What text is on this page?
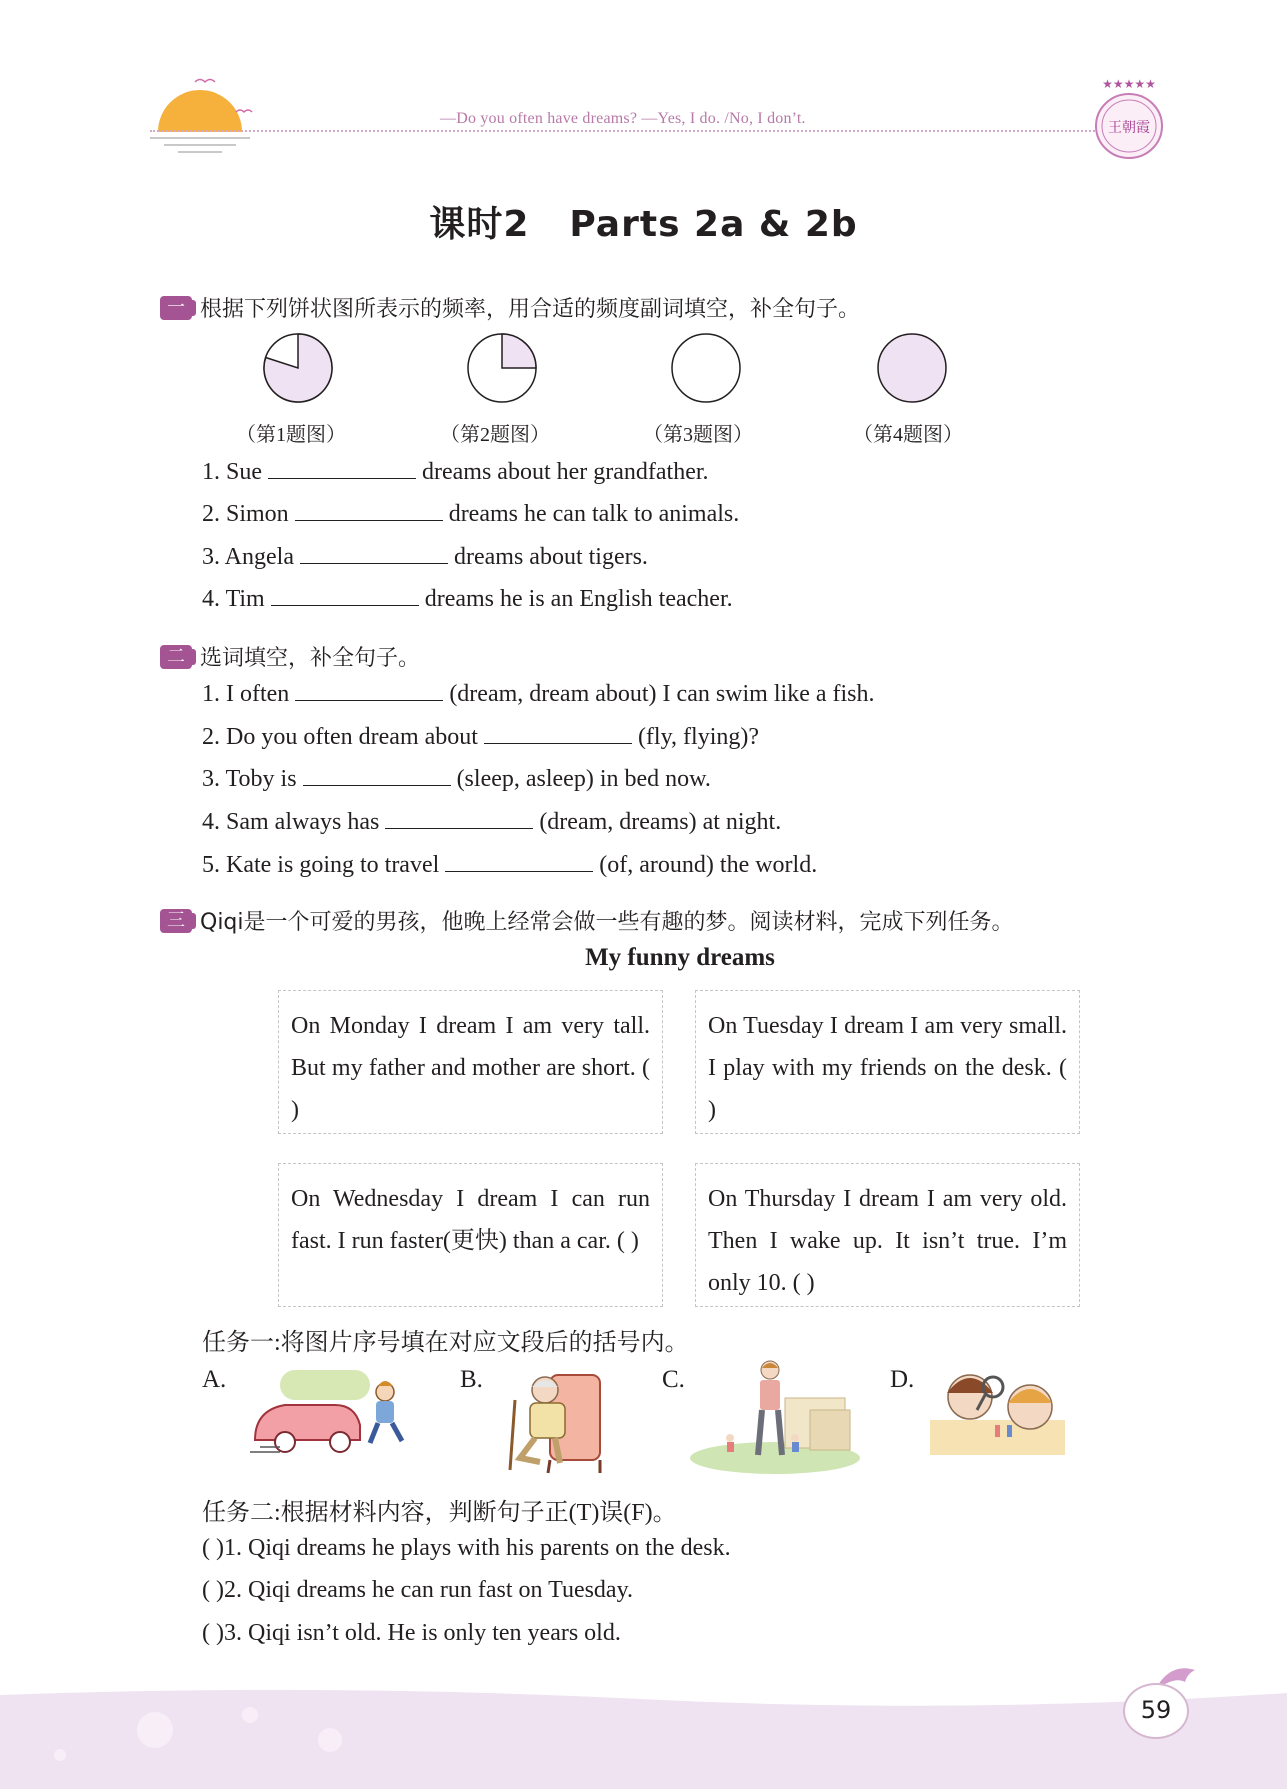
—Do you often have dreams? —Yes, I do. /No, I don’t.
★★★★★
王朝霞
课时2 Parts 2a & 2b
一 根据下列饼状图所表示的频率，用合适的频度副词填空，补全句子。
（第1题图）	（第2题图）	（第3题图）	（第4题图）
1. Sue	dreams about her grandfather.
2. Simon	dreams he can talk to animals.
3. Angela	dreams about tigers.
4. Tim	dreams he is an English teacher.
二 选词填空，补全句子。
1. I often	(dream, dream about) I can swim like a fish.
2. Do you often dream about	(fly, flying)?
3. Toby is	(sleep, asleep) in bed now.
4. Sam always has	(dream, dreams) at night.
5. Kate is going to travel	(of, around) the world.
三 Qiqi是一个可爱的男孩，他晚上经常会做一些有趣的梦。阅读材料，完成下列任务。
My funny dreams
On Monday I dream I am very tall. But my father and mother are short. ( )
On Tuesday I dream I am very small. I play with my friends on the desk. ( )
On Wednesday I dream I can run fast. I run faster(更快) than a car. ( )
On Thursday I dream I am very old. Then I wake up. It isn’t true. I’m only 10. ( )
任务一:将图片序号填在对应文段后的括号内。
A.	B.	C.	D.
任务二:根据材料内容，判断句子正(T)误(F)。
( )1. Qiqi dreams he plays with his parents on the desk.
( )2. Qiqi dreams he can run fast on Tuesday.
( )3. Qiqi isn’t old. He is only ten years old.
59
